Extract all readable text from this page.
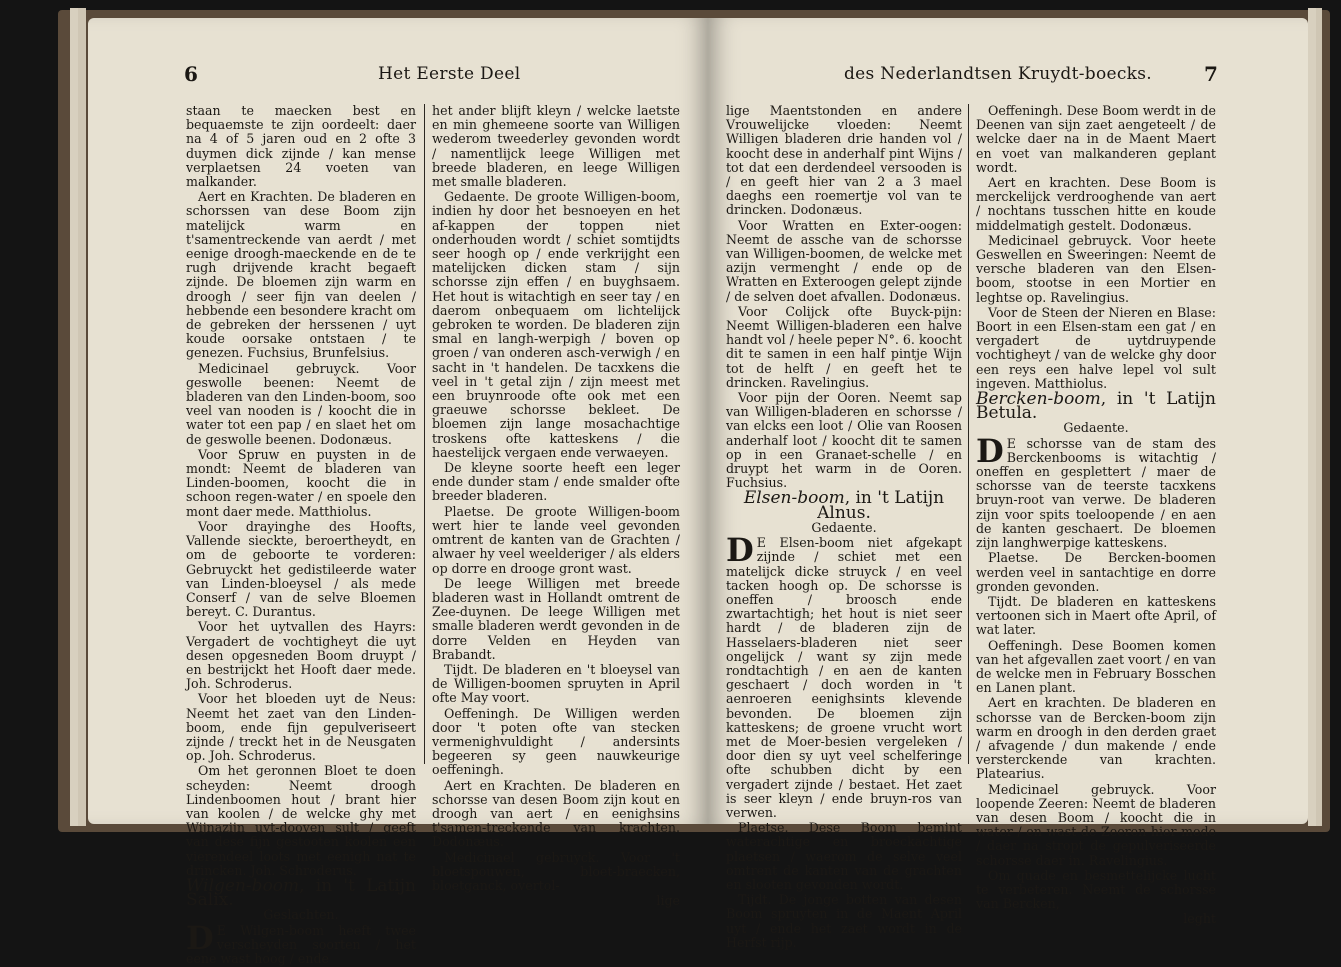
6	Het Eerste Deel

staan te maecken best en bequaemste te zijn oordeelt: daer na 4 of 5 jaren oud en 2 ofte 3 duymen dick zijnde / kan mense verplaetsen 24 voeten van malkander.

Aert en Krachten. De bladeren en schorssen van dese Boom zijn matelijck warm en t'samentreckende van aerdt / met eenige droogh-maeckende en de te rugh drijvende kracht begaeft zijnde. De bloemen zijn warm en droogh / seer fijn van deelen / hebbende een besondere kracht om de gebreken der herssenen / uyt koude oorsake ontstaen / te genezen. Fuchsius, Brunfelsius.

Medicinael gebruyck. Voor geswolle beenen: Neemt de bladeren van den Linden-boom, soo veel van nooden is / koocht die in water tot een pap / en slaet het om de geswolle beenen. Dodonæus.

Voor Spruw en puysten in de mondt: Neemt de bladeren van Linden-boomen, koocht die in schoon regen-water / en spoele den mont daer mede. Matthiolus.

Voor drayinghe des Hoofts, Vallende sieckte, beroertheydt, en om de geboorte te vorderen: Gebruyckt het gedistileerde water van Linden-bloeysel / als mede Conserf / van de selve Bloemen bereyt. C. Durantus.

Voor het uytvallen des Hayrs: Vergadert de vochtigheyt die uyt desen opgesneden Boom druypt / en bestrijckt het Hooft daer mede. Joh. Schroderus.

Voor het bloeden uyt de Neus: Neemt het zaet van den Linden-boom, ende fijn gepulveriseert zijnde / treckt het in de Neusgaten op. Joh. Schroderus.

Om het geronnen Bloet te doen scheyden: Neemt droogh Lindenboomen hout / brant hier van koolen / de welcke ghy met Wijnazijn uyt-dooven sult / geeft van dese fijn gestooten koolen een vierendeel loots met eenigh nat te drincken. Joh. Schroderus.

Wilgen-boom, in 't Latijn Salix.

Geslachten.

D E Wilgen-boom heeft twee verscheyden soorten / het eene wast hoog / ende

het ander blijft kleyn / welcke laetste en min ghemeene soorte van Willigen wederom tweederley gevonden wordt / namentlijck leege Willigen met breede bladeren, en leege Willigen met smalle bladeren.

Gedaente. De groote Willigen-boom, indien hy door het besnoeyen en het af-kappen der toppen niet onderhouden wordt / schiet somtijdts seer hoogh op / ende verkrijght een matelijcken dicken stam / sijn schorsse zijn effen / en buyghsaem. Het hout is witachtigh en seer tay / en daerom onbequaem om lichtelijck gebroken te worden. De bladeren zijn smal en langh-werpigh / boven op groen / van onderen asch-verwigh / en sacht in 't handelen. De tacxkens die veel in 't getal zijn / zijn meest met een bruynroode ofte ook met een graeuwe schorsse bekleet. De bloemen zijn lange mosachachtige troskens ofte katteskens / die haestelijck vergaen ende verwaeyen.

De kleyne soorte heeft een leger ende dunder stam / ende smalder ofte breeder bladeren.

Plaetse. De groote Willigen-boom wert hier te lande veel gevonden omtrent de kanten van de Grachten / alwaer hy veel weelderiger / als elders op dorre en drooge gront wast.

De leege Willigen met breede bladeren wast in Hollandt omtrent de Zee-duynen. De leege Willigen met smalle bladeren werdt gevonden in de dorre Velden en Heyden van Brabandt.

Tijdt. De bladeren en 't bloeysel van de Willigen-boomen spruyten in April ofte May voort.

Oeffeningh. De Willigen werden door 't poten ofte van stecken vermenighvuldight / andersints begeeren sy geen nauwkeurige oeffeningh.

Aert en Krachten. De bladeren en schorsse van desen Boom zijn kout en droogh van aert / en eenighsins t'samen-treckende van krachten. Dodonæus.

Medicinael gebruyck. Voor 't bloetspouwen, bloet-braecken, bloetganck, overtol-

lige
des Nederlandtsen Kruydt-boecks.	7

lige Maentstonden en andere Vrouwelijcke vloeden: Neemt Willigen bladeren drie handen vol / koocht dese in anderhalf pint Wijns / tot dat een derdendeel versooden is / en geeft hier van 2 a 3 mael daeghs een roemertje vol van te drincken. Dodonæus.

Voor Wratten en Exter-oogen: Neemt de assche van de schorsse van Willigen-boomen, de welcke met azijn vermenght / ende op de Wratten en Exteroogen gelept zijnde / de selven doet afvallen. Dodonæus.

Voor Colijck ofte Buyck-pijn: Neemt Willigen-bladeren een halve handt vol / heele peper N°. 6. koocht dit te samen in een half pintje Wijn tot de helft / en geeft het te drincken. Ravelingius.

Voor pijn der Ooren. Neemt sap van Willigen-bladeren en schorsse / van elcks een loot / Olie van Roosen anderhalf loot / koocht dit te samen op in een Granaet-schelle / en druypt het warm in de Ooren. Fuchsius.

Elsen-boom, in 't Latijn Alnus.

Gedaente.

D E Elsen-boom niet afgekapt zijnde / schiet met een matelijck dicke struyck / en veel tacken hoogh op. De schorsse is oneffen / broosch ende zwartachtigh; het hout is niet seer hardt / de bladeren zijn de Hasselaers-bladeren niet seer ongelijck / want sy zijn mede rondtachtigh / en aen de kanten geschaert / doch worden in 't aenroeren eenighsints klevende bevonden. De bloemen zijn katteskens; de groene vrucht wort met de Moer-besien vergeleken / door dien sy uyt veel schelferinge ofte schubben dicht by een vergadert zijnde / bestaet. Het zaet is seer kleyn / ende bruyn-ros van verwen.

Plaetse. Dese Boom bemint waterachtige en broeckachtige plaetsen / waerom de selve veel omtrent de kanten van de grachten en slooten gevonden wordt.

Tijdt. De jonge botten van desen Boom spruyten in de Maent April uyt / ende het zaet wordt in de Herfst rijp.

Oeffeningh. Dese Boom werdt in de Deenen van sijn zaet aengeteelt / de welcke daer na in de Maent Maert en voet van malkanderen geplant wordt.

Aert en krachten. Dese Boom is merckelijck verdrooghende van aert / nochtans tusschen hitte en koude middelmatigh gestelt. Dodonæus.

Medicinael gebruyck. Voor heete Geswellen en Sweeringen: Neemt de versche bladeren van den Elsen-boom, stootse in een Mortier en leghtse op. Ravelingius.

Voor de Steen der Nieren en Blase: Boort in een Elsen-stam een gat / en vergadert de uytdruypende vochtigheyt / van de welcke ghy door een reys een halve lepel vol sult ingeven. Matthiolus.

Bercken-boom, in 't Latijn Betula.

Gedaente.

D E schorsse van de stam des Berckenbooms is witachtig / oneffen en gesplettert / maer de schorsse van de teerste tacxkens bruyn-root van verwe. De bladeren zijn voor spits toeloopende / en aen de kanten geschaert. De bloemen zijn langhwerpige katteskens.

Plaetse. De Bercken-boomen werden veel in santachtige en dorre gronden gevonden.

Tijdt. De bladeren en katteskens vertoonen sich in Maert ofte April, of wat later.

Oeffeningh. Dese Boomen komen van het afgevallen zaet voort / en van de welcke men in February Bosschen en Lanen plant.

Aert en krachten. De bladeren en schorsse van de Bercken-boom zijn warm en droogh in den derden graet / afvagende / dun makende / ende versterckende van krachten. Platearius.

Medicinael gebruyck. Voor loopende Zeeren: Neemt de bladeren van desen Boom / koocht die in water / en wast de Zeeren hier mede / daer na stropt de gepulveriseerde schorsse daer in. Ravelingius.

Om quade en besmettelijcke lucht te verbeteren. Neemt de schorsse van Bercken,

leght
